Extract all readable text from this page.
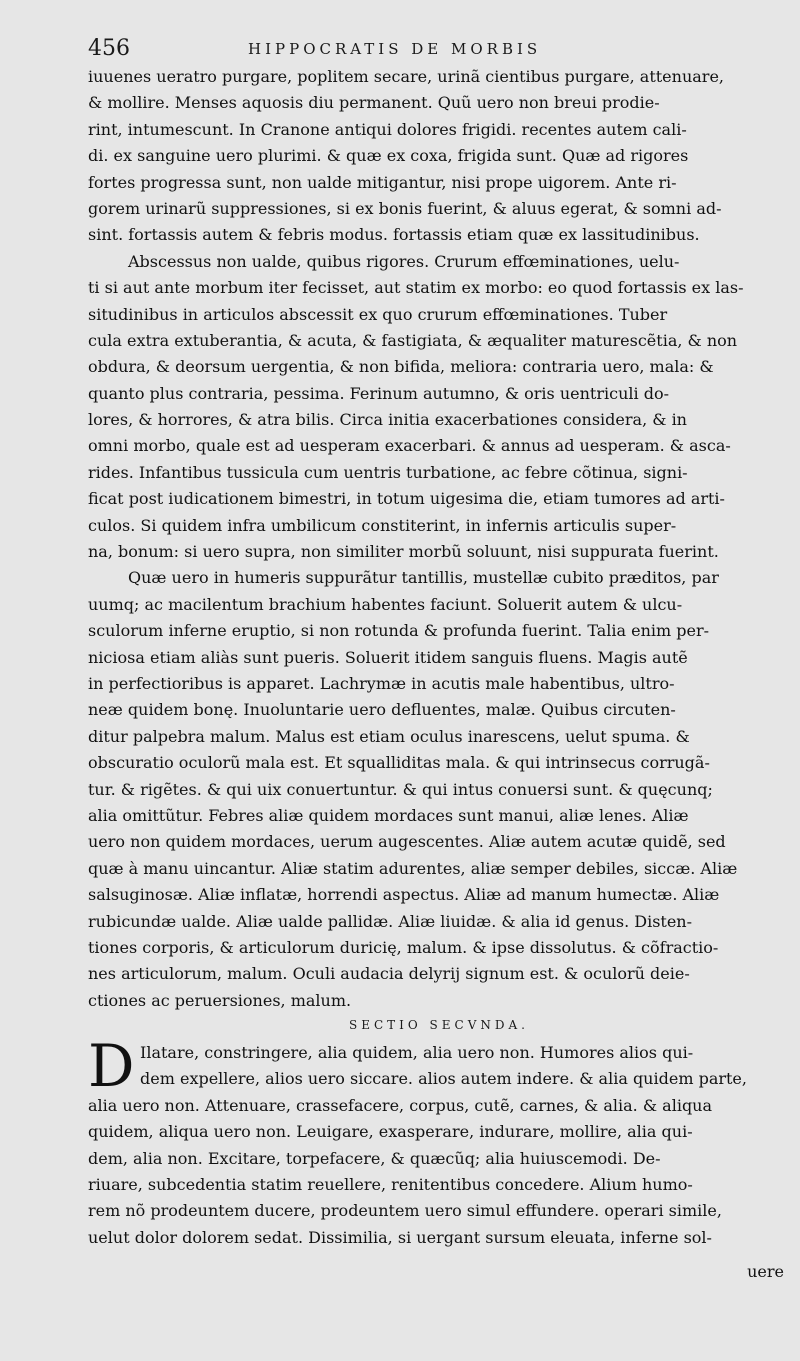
456	HIPPOCRATIS DE MORBIS
iuuenes ueratro purgare, poplitem secare, urinã cientibus purgare, attenuare,
& mollire. Menses aquosis diu permanent. Quũ uero non breui prodie-
rint, intumescunt. In Cranone antiqui dolores frigidi. recentes autem cali-
di. ex sanguine uero plurimi. & quæ ex coxa, frigida sunt. Quæ ad rigores
fortes progressa sunt, non ualde mitigantur, nisi prope uigorem. Ante ri-
gorem urinarũ suppressiones, si ex bonis fuerint, & aluus egerat, & somni ad-
sint. fortassis autem & febris modus. fortassis etiam quæ ex lassitudinibus.
Abscessus non ualde, quibus rigores. Crurum effœminationes, uelu-
ti si aut ante morbum iter fecisset, aut statim ex morbo: eo quod fortassis ex las-
situdinibus in articulos abscessit ex quo crurum effœminationes. Tuber
cula extra extuberantia, & acuta, & fastigiata, & æqualiter maturescẽtia, & non
obdura, & deorsum uergentia, & non bifida, meliora: contraria uero, mala: &
quanto plus contraria, pessima. Ferinum autumno, & oris uentriculi do-
lores, & horrores, & atra bilis. Circa initia exacerbationes considera, & in
omni morbo, quale est ad uesperam exacerbari. & annus ad uesperam. & asca-
rides. Infantibus tussicula cum uentris turbatione, ac febre cõtinua, signi-
ficat post iudicationem bimestri, in totum uigesima die, etiam tumores ad arti-
culos. Si quidem infra umbilicum constiterint, in infernis articulis super-
na, bonum: si uero supra, non similiter morbũ soluunt, nisi suppurata fuerint.
Quæ uero in humeris suppurãtur tantillis, mustellæ cubito præditos, par
uumq; ac macilentum brachium habentes faciunt. Soluerit autem & ulcu-
sculorum inferne eruptio, si non rotunda & profunda fuerint. Talia enim per-
niciosa etiam aliàs sunt pueris. Soluerit itidem sanguis fluens. Magis autẽ
in perfectioribus is apparet. Lachrymæ in acutis male habentibus, ultro-
neæ quidem bonę. Inuoluntarie uero defluentes, malæ. Quibus circuten-
ditur palpebra malum. Malus est etiam oculus inarescens, uelut spuma. &
obscuratio oculorũ mala est. Et squalliditas mala. & qui intrinsecus corrugã-
tur. & rigẽtes. & qui uix conuertuntur. & qui intus conuersi sunt. & quęcunq;
alia omittũtur. Febres aliæ quidem mordaces sunt manui, aliæ lenes. Aliæ
uero non quidem mordaces, uerum augescentes. Aliæ autem acutæ quidẽ, sed
quæ à manu uincantur. Aliæ statim adurentes, aliæ semper debiles, siccæ. Aliæ
salsuginosæ. Aliæ inflatæ, horrendi aspectus. Aliæ ad manum humectæ. Aliæ
rubicundæ ualde. Aliæ ualde pallidæ. Aliæ liuidæ. & alia id genus. Disten-
tiones corporis, & articulorum duricię, malum. & ipse dissolutus. & cõfractio-
nes articulorum, malum. Oculi audacia delyrij signum est. & oculorũ deie-
ctiones ac peruersiones, malum.
SECTIO SECVNDA.
D Ilatare, constringere, alia quidem, alia uero non. Humores alios qui-
dem expellere, alios uero siccare. alios autem indere. & alia quidem parte,
alia uero non. Attenuare, crassefacere, corpus, cutẽ, carnes, & alia. & aliqua
quidem, aliqua uero non. Leuigare, exasperare, indurare, mollire, alia qui-
dem, alia non. Excitare, torpefacere, & quæcũq; alia huiuscemodi. De-
riuare, subcedentia statim reuellere, renitentibus concedere. Alium humo-
rem nõ prodeuntem ducere, prodeuntem uero simul effundere. operari simile,
uelut dolor dolorem sedat. Dissimilia, si uergant sursum eleuata, inferne sol-
uere
